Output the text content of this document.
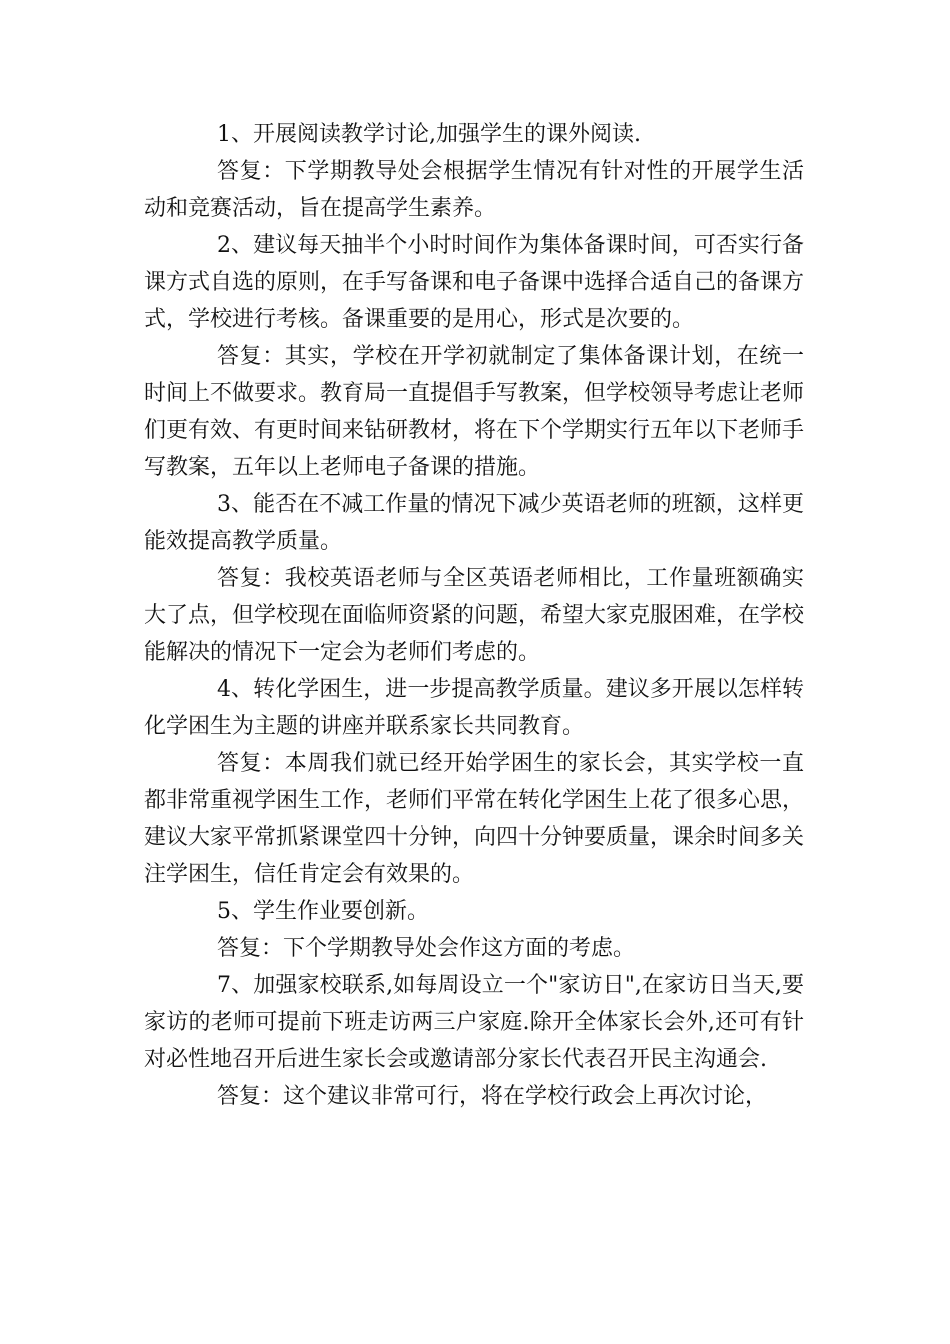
1、开展阅读教学讨论,加强学生的课外阅读.

答复：下学期教导处会根据学生情况有针对性的开展学生活动和竞赛活动，旨在提高学生素养。

2、建议每天抽半个小时时间作为集体备课时间，可否实行备课方式自选的原则，在手写备课和电子备课中选择合适自己的备课方式，学校进行考核。备课重要的是用心，形式是次要的。

答复：其实，学校在开学初就制定了集体备课计划，在统一时间上不做要求。教育局一直提倡手写教案，但学校领导考虑让老师们更有效、有更时间来钻研教材，将在下个学期实行五年以下老师手写教案，五年以上老师电子备课的措施。

3、能否在不减工作量的情况下减少英语老师的班额，这样更能效提高教学质量。

答复：我校英语老师与全区英语老师相比，工作量班额确实大了点，但学校现在面临师资紧的问题，希望大家克服困难，在学校能解决的情况下一定会为老师们考虑的。

4、转化学困生，进一步提高教学质量。建议多开展以怎样转化学困生为主题的讲座并联系家长共同教育。

答复：本周我们就已经开始学困生的家长会，其实学校一直都非常重视学困生工作，老师们平常在转化学困生上花了很多心思，建议大家平常抓紧课堂四十分钟，向四十分钟要质量，课余时间多关注学困生，信任肯定会有效果的。

5、学生作业要创新。

答复：下个学期教导处会作这方面的考虑。

7、加强家校联系,如每周设立一个"家访日",在家访日当天,要家访的老师可提前下班走访两三户家庭.除开全体家长会外,还可有针对必性地召开后进生家长会或邀请部分家长代表召开民主沟通会.

答复：这个建议非常可行，将在学校行政会上再次讨论，
